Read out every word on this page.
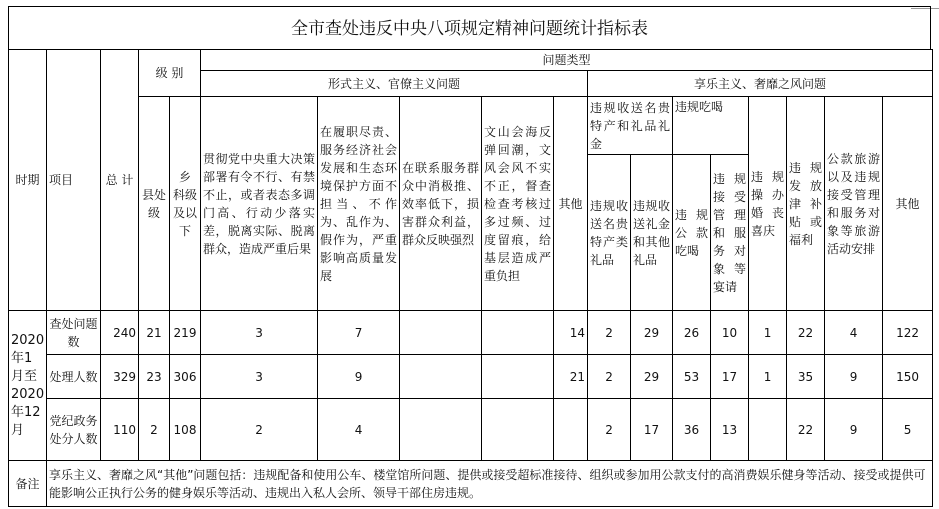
全市查处违反中央八项规定精神问题统计指标表
时期	项目	总 计	级 别		问题类型												
					形式主义、官僚主义问题					享乐主义、奢靡之风问题							
			县处级	乡 科级及以下	贯彻党中央重大决策部署有令不行、有禁不止，或者表态多调门高、行动少落实差，脱离实际、脱离群众，造成严重后果	在履职尽责、服务经济社会发展和生态环境保护方面不担当、不作为、乱作为、假作为，严重影响高质量发展	在联系服务群众中消极推、效率低下，损害群众利益，群众反映强烈	文山会海反弹回潮，文风会风不实不正，督查检查考核过多过频、过度留痕，给基层造成严重负担	其他	违规收送名贵特产和礼品礼金		违规吃喝		违规操办婚丧喜庆	违规发放津补贴或福利	公款旅游以及违规接受管理和服务对象等旅游活动安排	其他
										违规收送名贵特产类礼品	违规收送礼金和其他礼品	违规公款吃喝	违规接受管理和服务对象等宴请				
2020年1月至2020年12月	查处问题数	240	21	219	3	7			14	2	29	26	10	1	22	4	122
	处理人数	329	23	306	3	9			21	2	29	53	17	1	35	9	150
	党纪政务处分人数	110	2	108	2	4				2	17	36	13		22	9	5
备注	享乐主义、奢靡之风“其他”问题包括：违规配备和使用公车、楼堂馆所问题、提供或接受超标准接待、组织或参加用公款支付的高消费娱乐健身等活动、接受或提供可能影响公正执行公务的健身娱乐等活动、违规出入私人会所、领导干部住房违规。																
